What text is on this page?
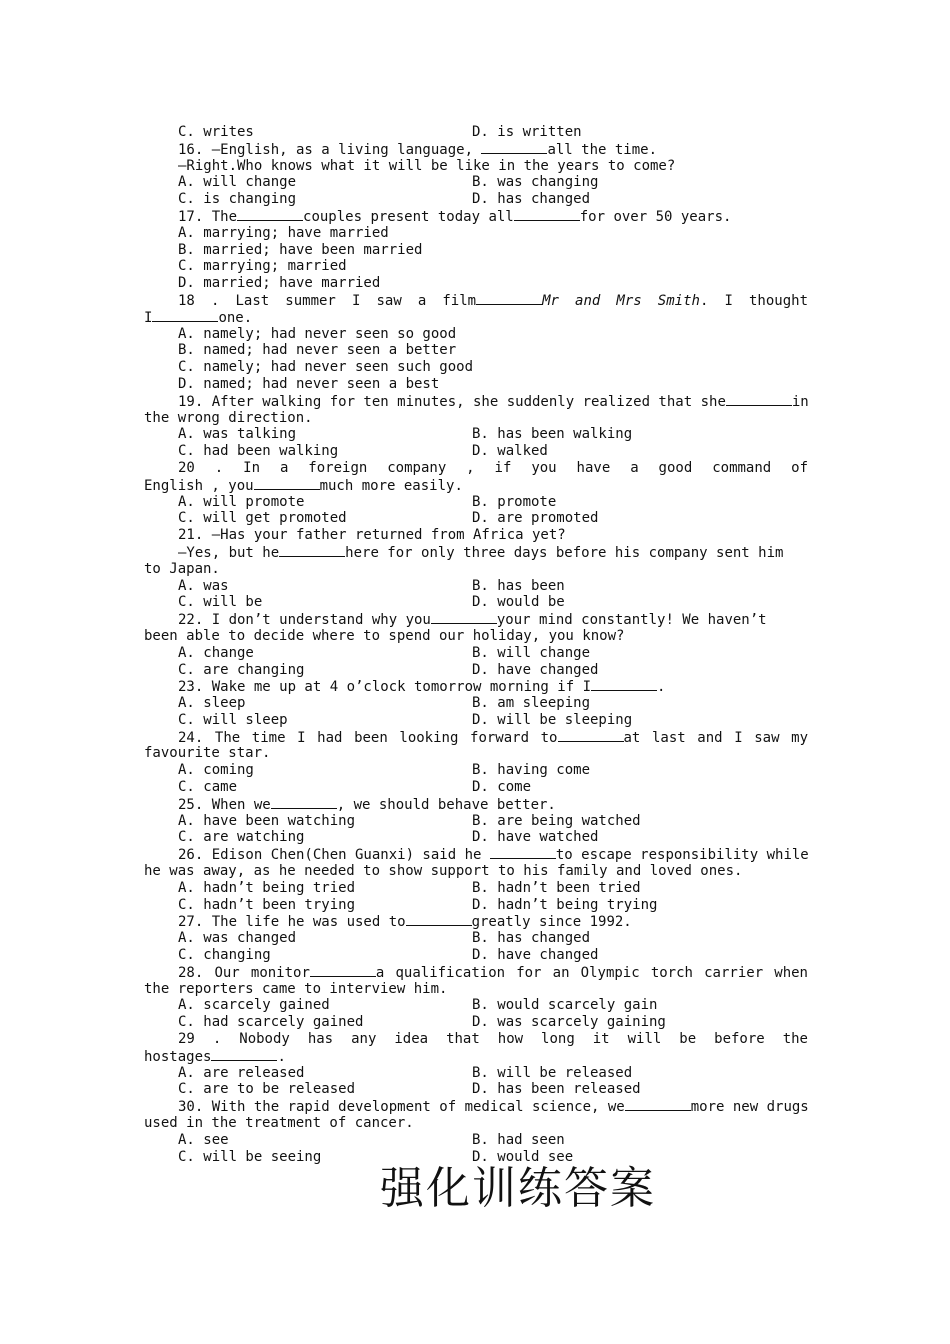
C. writes	D. is written
16. —English, as a living language,	all the time.
—Right.Who knows what it will be like in the years to come?
A. will change	B. was changing
C. is changing	D. has changed
17. The	couples present today all	for over 50 years.
A. marrying; have married
B. married; have been married
C. marrying; married
D. married; have married
18 . Last summer I saw a film	Mr and Mrs Smith. I thought
I	one.
A. namely; had never seen so good
B. named; had never seen a better
C. namely; had never seen such good
D. named; had never seen a best
19. After walking for ten minutes, she suddenly realized that she	in
the wrong direction.
A. was talking	B. has been walking
C. had been walking	D. walked
20 . In a foreign company , if you have a good command of
English , you	much more easily.
A. will promote	B. promote
C. will get promoted	D. are promoted
21. —Has your father returned from Africa yet?
—Yes, but he	here for only three days before his company sent him
to Japan.
A. was	B. has been
C. will be	D. would be
22. I don’t understand why you	your mind constantly! We haven’t
been able to decide where to spend our holiday, you know?
A. change	B. will change
C. are changing	D. have changed
23. Wake me up at 4 o’clock tomorrow morning if I	.
A. sleep	B. am sleeping
C. will sleep	D. will be sleeping
24. The time I had been looking forward to	at last and I saw my
favourite star.
A. coming	B. having come
C. came	D. come
25. When we	, we should behave better.
A. have been watching	B. are being watched
C. are watching	D. have watched
26. Edison Chen(Chen Guanxi) said he	to escape responsibility while
he was away, as he needed to show support to his family and loved ones.
A. hadn’t being tried	B. hadn’t been tried
C. hadn’t been trying	D. hadn’t being trying
27. The life he was used to	greatly since 1992.
A. was changed	B. has changed
C. changing	D. have changed
28. Our monitor	a qualification for an Olympic torch carrier when
the reporters came to interview him.
A. scarcely gained	B. would scarcely gain
C. had scarcely gained	D. was scarcely gaining
29 . Nobody has any idea that how long it will be before the
hostages	.
A. are released	B. will be released
C. are to be released	D. has been released
30. With the rapid development of medical science, we	more new drugs
used in the treatment of cancer.
A. see	B. had seen
C. will be seeing	D. would see
强化训练答案
